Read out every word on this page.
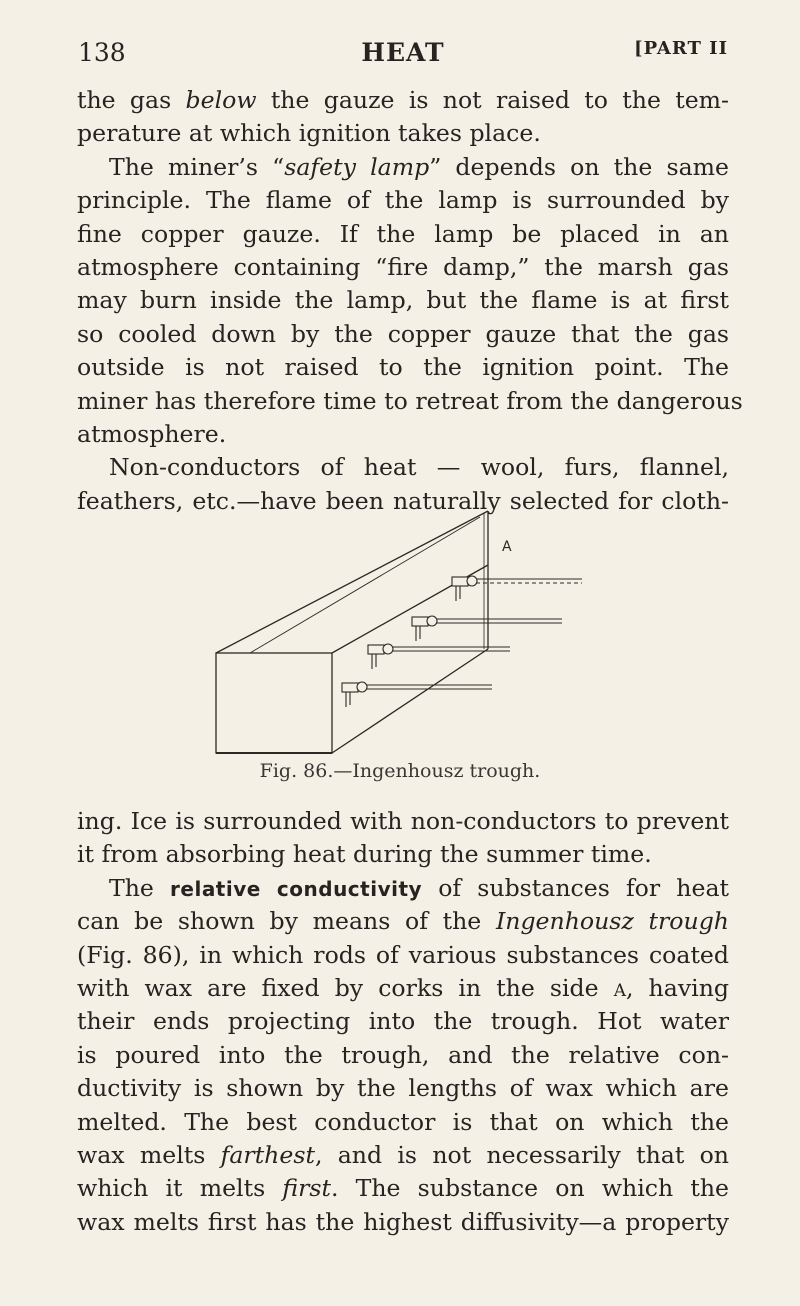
138	HEAT	[PART II
the gas below the gauze is not raised to the tem-
perature at which ignition takes place.
The miner’s “safety lamp” depends on the same
principle. The flame of the lamp is surrounded by
fine copper gauze. If the lamp be placed in an
atmosphere containing “fire damp,” the marsh gas
may burn inside the lamp, but the flame is at first
so cooled down by the copper gauze that the gas
outside is not raised to the ignition point. The
miner has therefore time to retreat from the dangerous
atmosphere.
Non-conductors of heat — wool, furs, flannel,
feathers, etc.—have been naturally selected for cloth-
A
Fig. 86.—Ingenhousz trough.
ing. Ice is surrounded with non-conductors to prevent
it from absorbing heat during the summer time.
The relative conductivity of substances for heat
can be shown by means of the Ingenhousz trough
(Fig. 86), in which rods of various substances coated
with wax are fixed by corks in the side A, having
their ends projecting into the trough. Hot water
is poured into the trough, and the relative con-
ductivity is shown by the lengths of wax which are
melted. The best conductor is that on which the
wax melts farthest, and is not necessarily that on
which it melts first. The substance on which the
wax melts first has the highest diffusivity—a property
